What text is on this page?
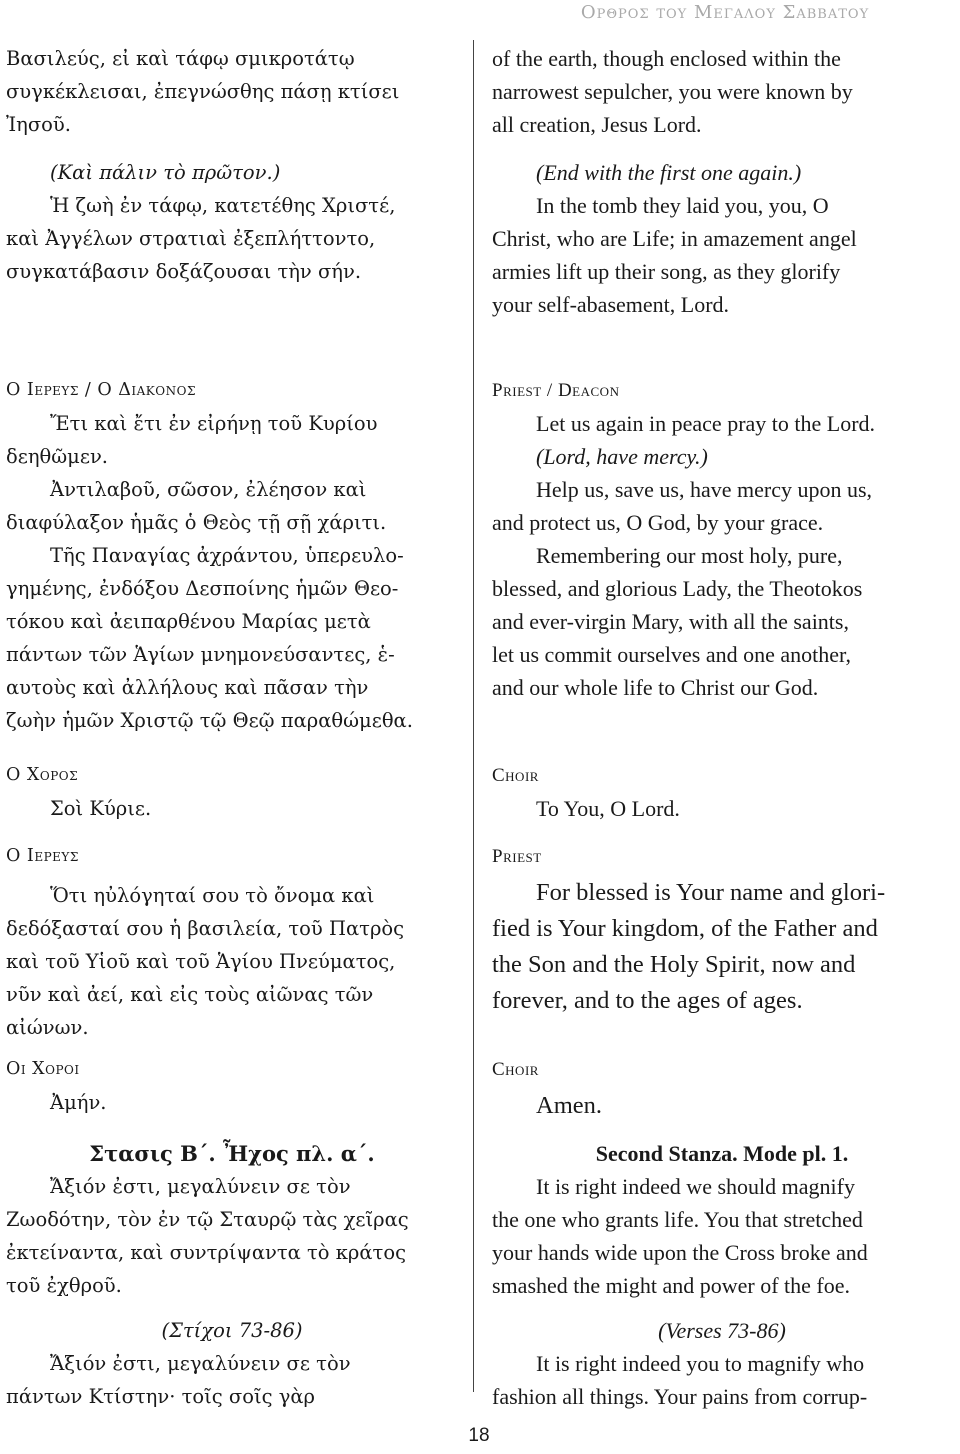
Ορθρος του Μεγαλου Σαββατου

Βασιλεύς, εἰ καὶ τάφῳ σμικροτάτῳ

συγκέκλεισαι, ἐπεγνώσθης πάσῃ κτίσει

Ἰησοῦ.

(Καὶ πάλιν τὸ πρῶτον.)

Ἡ ζωὴ ἐν τάφῳ, κατετέθης Χριστέ,

καὶ Ἀγγέλων στρατιαὶ ἐξεπλήττοντο,

συγκατάβασιν δοξάζουσαι τὴν σήν.

Ο Ιερευσ / Ο Διακονοσ

Ἔτι καὶ ἔτι ἐν εἰρήνῃ τοῦ Κυρίου

δεηθῶμεν.

Ἀντιλαβοῦ, σῶσον, ἐλέησον καὶ

διαφύλαξον ἡμᾶς ὁ Θεὸς τῇ σῇ χάριτι.

Τῆς Παναγίας ἀχράντου, ὑπερευλο-

γημένης, ἐνδόξου Δεσποίνης ἡμῶν Θεο-

τόκου καὶ ἀειπαρθένου Μαρίας μετὰ

πάντων τῶν Ἁγίων μνημονεύσαντες, ἑ-

αυτοὺς καὶ ἀλλήλους καὶ πᾶσαν τὴν

ζωὴν ἡμῶν Χριστῷ τῷ Θεῷ παραθώμεθα.

Ο Χοροσ

Σοὶ Κύριε.

Ο Ιερευσ

Ὅτι ηὐλόγηταί σου τὸ ὄνομα καὶ

δεδόξασταί σου ἡ βασιλεία, τοῦ Πατρὸς

καὶ τοῦ Υἱοῦ καὶ τοῦ Ἁγίου Πνεύματος,

νῦν καὶ ἀεί, καὶ εἰς τοὺς αἰῶνας τῶν

αἰώνων.

Οι Χοροι

Ἀμήν.

Στασις Β΄. Ἦχος πλ. α΄.

Ἄξιόν ἐστι, μεγαλύνειν σε τὸν

Ζωοδότην, τὸν ἐν τῷ Σταυρῷ τὰς χεῖρας

ἐκτείναντα, καὶ συντρίψαντα τὸ κράτος

τοῦ ἐχθροῦ.

(Στίχοι 73-86)

Ἄξιόν ἐστι, μεγαλύνειν σε τὸν

πάντων Κτίστην· τοῖς σοῖς γὰρ

of the earth, though enclosed within the

narrowest sepulcher, you were known by

all creation, Jesus Lord.

(End with the first one again.)

In the tomb they laid you, you, O

Christ, who are Life; in amazement angel

armies lift up their song, as they glorify

your self-abasement, Lord.

Priest / Deacon

Let us again in peace pray to the Lord.

(Lord, have mercy.)

Help us, save us, have mercy upon us,

and protect us, O God, by your grace.

Remembering our most holy, pure,

blessed, and glorious Lady, the Theotokos

and ever-virgin Mary, with all the saints,

let us commit ourselves and one another,

and our whole life to Christ our God.

Choir

To You, O Lord.

Priest

For blessed is Your name and glori-

fied is Your kingdom, of the Father and

the Son and the Holy Spirit, now and

forever, and to the ages of ages.

Choir

Amen.

Second Stanza. Mode pl. 1.

It is right indeed we should magnify

the one who grants life. You that stretched

your hands wide upon the Cross broke and

smashed the might and power of the foe.

(Verses 73-86)

It is right indeed you to magnify who

fashion all things. Your pains from corrup-

18
